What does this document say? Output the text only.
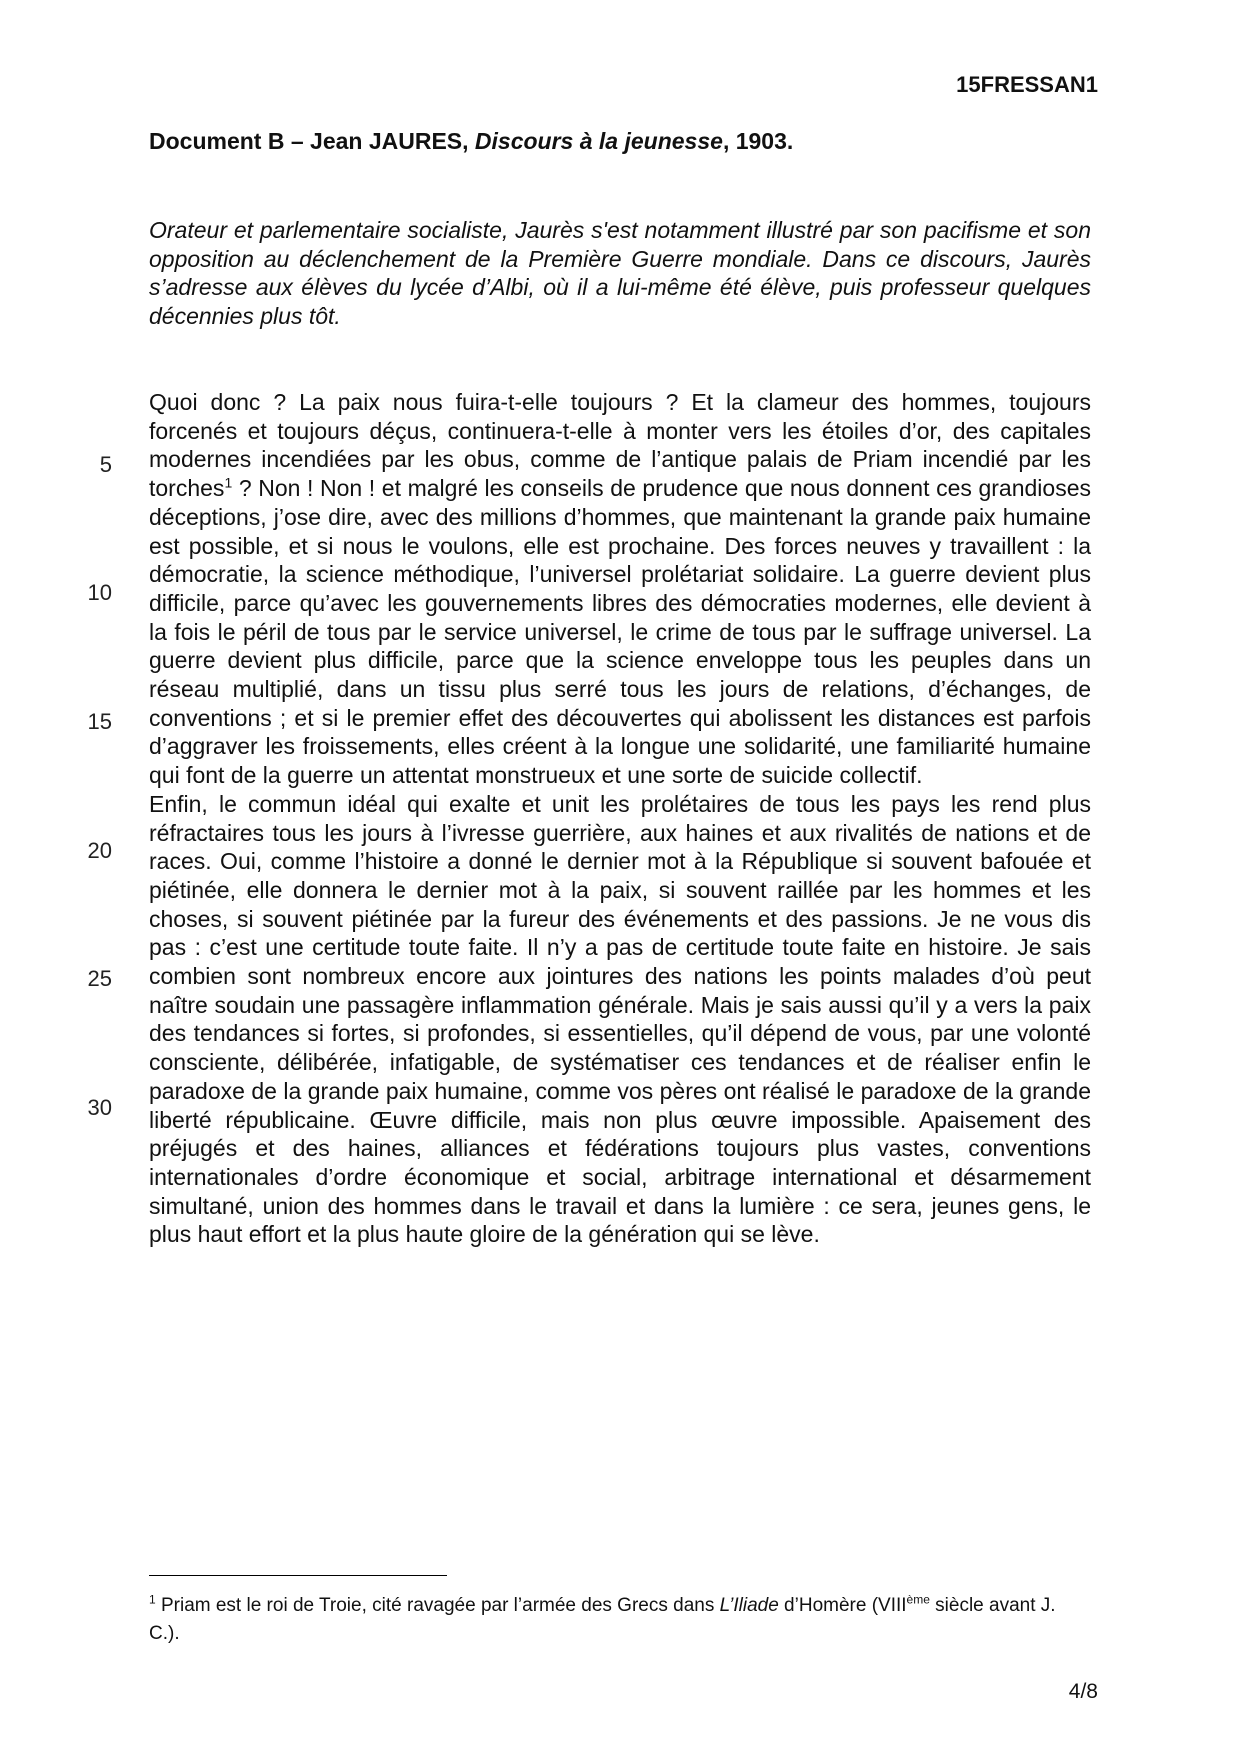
15FRESSAN1
Document B – Jean JAURES, Discours à la jeunesse, 1903.

Orateur et parlementaire socialiste, Jaurès s'est notamment illustré par son pacifisme et son opposition au déclenchement de la Première Guerre mondiale. Dans ce discours, Jaurès s’adresse aux élèves du lycée d’Albi, où il a lui-même été élève, puis professeur quelques décennies plus tôt.

5
10
15
20
25
30

Quoi donc ? La paix nous fuira-t-elle toujours ? Et la clameur des hommes, toujours forcenés et toujours déçus, continuera-t-elle à monter vers les étoiles d’or, des capitales modernes incendiées par les obus, comme de l’antique palais de Priam incendié par les torches$^1$ ? Non ! Non ! et malgré les conseils de prudence que nous donnent ces grandioses déceptions, j’ose dire, avec des millions d’hommes, que maintenant la grande paix humaine est possible, et si nous le voulons, elle est prochaine. Des forces neuves y travaillent : la démocratie, la science méthodique, l’universel prolétariat solidaire. La guerre devient plus difficile, parce qu’avec les gouvernements libres des démocraties modernes, elle devient à la fois le péril de tous par le service universel, le crime de tous par le suffrage universel. La guerre devient plus difficile, parce que la science enveloppe tous les peuples dans un réseau multiplié, dans un tissu plus serré tous les jours de relations, d’échanges, de conventions ; et si le premier effet des découvertes qui abolissent les distances est parfois d’aggraver les froissements, elles créent à la longue une solidarité, une familiarité humaine qui font de la guerre un attentat monstrueux et une sorte de suicide collectif.

Enfin, le commun idéal qui exalte et unit les prolétaires de tous les pays les rend plus réfractaires tous les jours à l’ivresse guerrière, aux haines et aux rivalités de nations et de races. Oui, comme l’histoire a donné le dernier mot à la République si souvent bafouée et piétinée, elle donnera le dernier mot à la paix, si souvent raillée par les hommes et les choses, si souvent piétinée par la fureur des événements et des passions. Je ne vous dis pas : c’est une certitude toute faite. Il n’y a pas de certitude toute faite en histoire. Je sais combien sont nombreux encore aux jointures des nations les points malades d’où peut naître soudain une passagère inflammation générale. Mais je sais aussi qu’il y a vers la paix des tendances si fortes, si profondes, si essentielles, qu’il dépend de vous, par une volonté consciente, délibérée, infatigable, de systématiser ces tendances et de réaliser enfin le paradoxe de la grande paix humaine, comme vos pères ont réalisé le paradoxe de la grande liberté républicaine. Œuvre difficile, mais non plus œuvre impossible. Apaisement des préjugés et des haines, alliances et fédérations toujours plus vastes, conventions internationales d’ordre économique et social, arbitrage international et désarmement simultané, union des hommes dans le travail et dans la lumière : ce sera, jeunes gens, le plus haut effort et la plus haute gloire de la génération qui se lève.

$^1$ Priam est le roi de Troie, cité ravagée par l’armée des Grecs dans L’Iliade d’Homère (VIIIème siècle avant J. C.).
4/8
